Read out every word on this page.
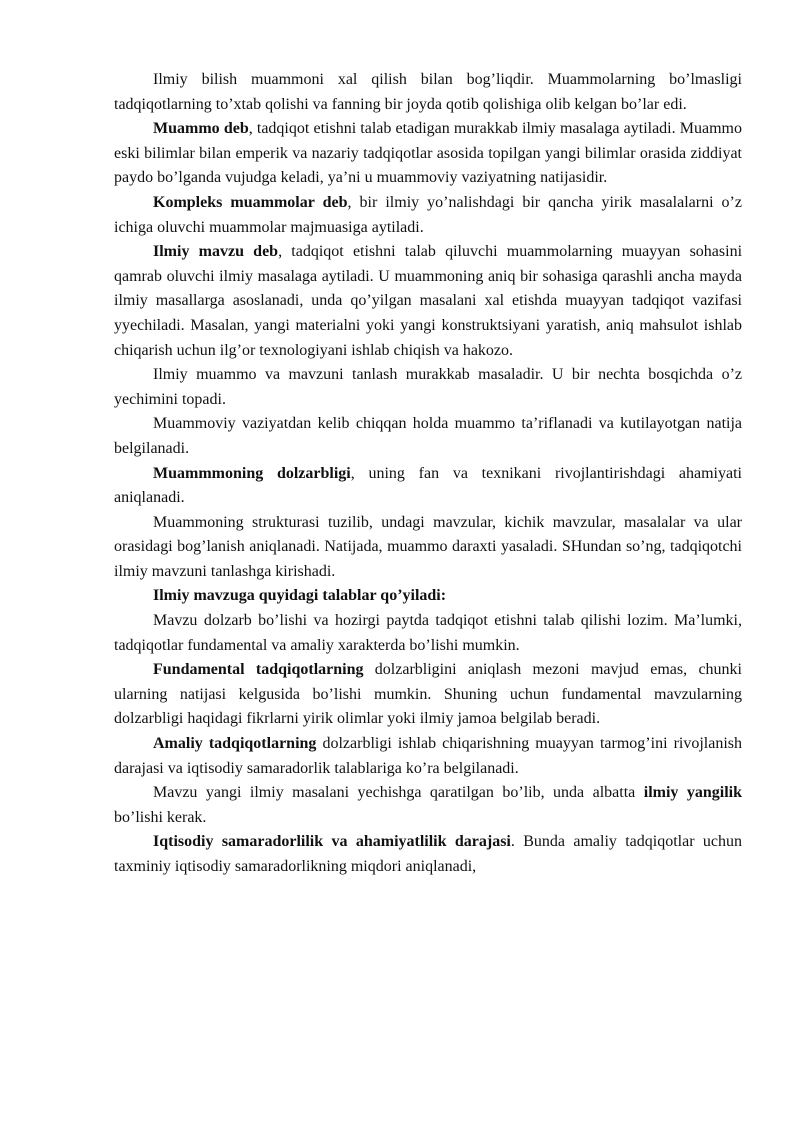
Ilmiy bilish muammoni xal qilish bilan bog’liqdir. Muammolarning bo’lmasligi tadqiqotlarning to’xtab qolishi va fanning bir joyda qotib qolishiga olib kelgan bo’lar edi.

Muammo deb, tadqiqot etishni talab etadigan murakkab ilmiy masalaga aytiladi. Muammo eski bilimlar bilan emperik va nazariy tadqiqotlar asosida topilgan yangi bilimlar orasida ziddiyat paydo bo’lganda vujudga keladi, ya’ni u muammoviy vaziyatning natijasidir.

Kompleks muammolar deb, bir ilmiy yo’nalishdagi bir qancha yirik masalalarni o’z ichiga oluvchi muammolar majmuasiga aytiladi.

Ilmiy mavzu deb, tadqiqot etishni talab qiluvchi muammolarning muayyan sohasini qamrab oluvchi ilmiy masalaga aytiladi. U muammoning aniq bir sohasiga qarashli ancha mayda ilmiy masallarga asoslanadi, unda qo’yilgan masalani xal etishda muayyan tadqiqot vazifasi yyechiladi. Masalan, yangi materialni yoki yangi konstruktsiyani yaratish, aniq mahsulot ishlab chiqarish uchun ilg’or texnologiyani ishlab chiqish va hakozo.

Ilmiy muammo va mavzuni tanlash murakkab masaladir. U bir nechta bosqichda o’z yechimini topadi.

Muammoviy vaziyatdan kelib chiqqan holda muammo ta’riflanadi va kutilayotgan natija belgilanadi.

Muammmoning dolzarbligi, uning fan va texnikani rivojlantirishdagi ahamiyati aniqlanadi.

Muammoning strukturasi tuzilib, undagi mavzular, kichik mavzular, masalalar va ular orasidagi bog’lanish aniqlanadi. Natijada, muammo daraxti yasaladi. SHundan so’ng, tadqiqotchi ilmiy mavzuni tanlashga kirishadi.

Ilmiy mavzuga quyidagi talablar qo’yiladi:

Mavzu dolzarb bo’lishi va hozirgi paytda tadqiqot etishni talab qilishi lozim. Ma’lumki, tadqiqotlar fundamental va amaliy xarakterda bo’lishi mumkin.

Fundamental tadqiqotlarning dolzarbligini aniqlash mezoni mavjud emas, chunki ularning natijasi kelgusida bo’lishi mumkin. Shuning uchun fundamental mavzularning dolzarbligi haqidagi fikrlarni yirik olimlar yoki ilmiy jamoa belgilab beradi.

Amaliy tadqiqotlarning dolzarbligi ishlab chiqarishning muayyan tarmog’ini rivojlanish darajasi va iqtisodiy samaradorlik talablariga ko’ra belgilanadi.

Mavzu yangi ilmiy masalani yechishga qaratilgan bo’lib, unda albatta ilmiy yangilik bo’lishi kerak.

Iqtisodiy samaradorlilik va ahamiyatlilik darajasi. Bunda amaliy tadqiqotlar uchun taxminiy iqtisodiy samaradorlikning miqdori aniqlanadi,
